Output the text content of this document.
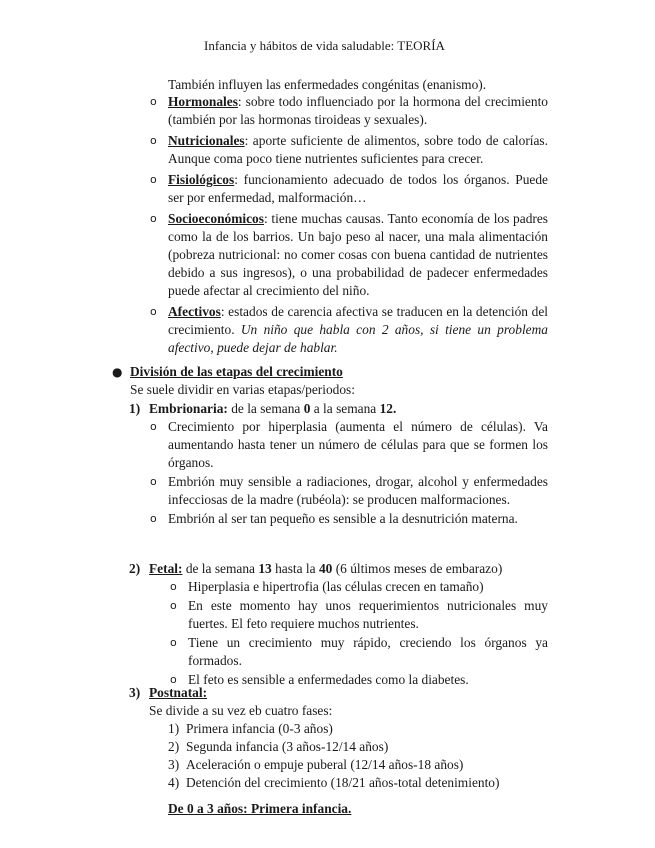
Infancia y hábitos de vida saludable: TEORÍA
También influyen las enfermedades congénitas (enanismo).
o Hormonales: sobre todo influenciado por la hormona del crecimiento (también por las hormonas tiroideas y sexuales).
o Nutricionales: aporte suficiente de alimentos, sobre todo de calorías. Aunque coma poco tiene nutrientes suficientes para crecer.
o Fisiológicos: funcionamiento adecuado de todos los órganos. Puede ser por enfermedad, malformación…
o Socioeconómicos: tiene muchas causas. Tanto economía de los padres como la de los barrios. Un bajo peso al nacer, una mala alimentación (pobreza nutricional: no comer cosas con buena cantidad de nutrientes debido a sus ingresos), o una probabilidad de padecer enfermedades puede afectar al crecimiento del niño.
o Afectivos: estados de carencia afectiva se traducen en la detención del crecimiento. Un niño que habla con 2 años, si tiene un problema afectivo, puede dejar de hablar.
● División de las etapas del crecimiento
Se suele dividir en varias etapas/periodos:
1) Embrionaria: de la semana 0 a la semana 12.
o Crecimiento por hiperplasia (aumenta el número de células). Va aumentando hasta tener un número de células para que se formen los órganos.
o Embrión muy sensible a radiaciones, drogar, alcohol y enfermedades infecciosas de la madre (rubéola): se producen malformaciones.
o Embrión al ser tan pequeño es sensible a la desnutrición materna.
2) Fetal: de la semana 13 hasta la 40 (6 últimos meses de embarazo)
o Hiperplasia e hipertrofia (las células crecen en tamaño)
o En este momento hay unos requerimientos nutricionales muy fuertes. El feto requiere muchos nutrientes.
o Tiene un crecimiento muy rápido, creciendo los órganos ya formados.
o El feto es sensible a enfermedades como la diabetes.
3) Postnatal:
Se divide a su vez eb cuatro fases:
1) Primera infancia (0-3 años)
2) Segunda infancia (3 años-12/14 años)
3) Aceleración o empuje puberal (12/14 años-18 años)
4) Detención del crecimiento (18/21 años-total detenimiento)
De 0 a 3 años: Primera infancia.
